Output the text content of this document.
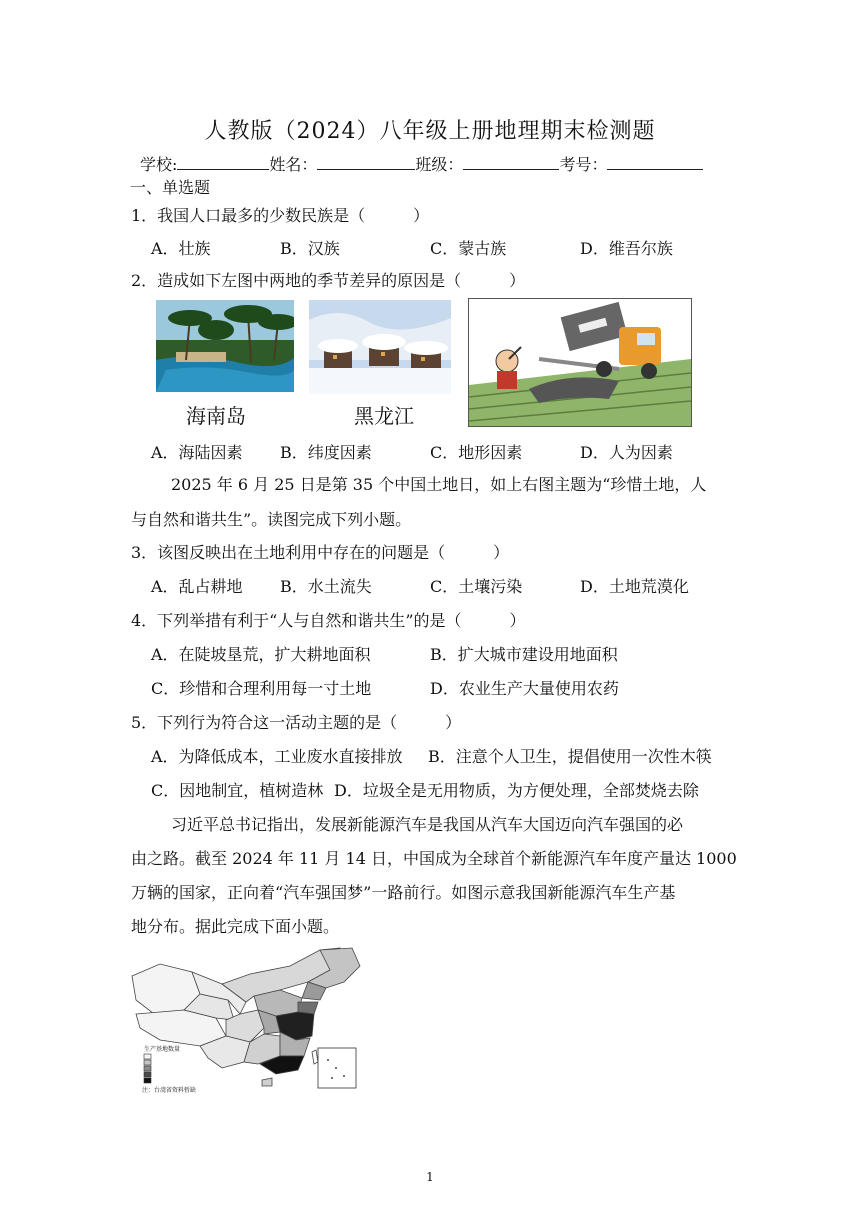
人教版（2024）八年级上册地理期末检测题
学校:	姓名：	班级：	考号：
一、单选题
1．我国人口最多的少数民族是（　　　）
A．壮族	B．汉族	C．蒙古族	D．维吾尔族
2．造成如下左图中两地的季节差异的原因是（　　　）
海南岛	黑龙江
A．海陆因素 B．纬度因素	C．地形因素	D．人为因素
2025 年 6 月 25 日是第 35 个中国土地日，如上右图主题为“珍惜土地，人
与自然和谐共生”。读图完成下列小题。
3．该图反映出在土地利用中存在的问题是（　　　）
A．乱占耕地 B．水土流失	C．土壤污染	D．土地荒漠化
4．下列举措有利于“人与自然和谐共生”的是（　　　）
A．在陡坡垦荒，扩大耕地面积	B．扩大城市建设用地面积
C．珍惜和合理利用每一寸土地	D．农业生产大量使用农药
5．下列行为符合这一活动主题的是（　　　）
A．为降低成本，工业废水直接排放 B．注意个人卫生，提倡使用一次性木筷
C．因地制宜，植树造林 D．垃圾全是无用物质，为方便处理，全部焚烧去除
习近平总书记指出，发展新能源汽车是我国从汽车大国迈向汽车强国的必
由之路。截至 2024 年 11 月 14 日，中国成为全球首个新能源汽车年度产量达 1000
万辆的国家，正向着“汽车强国梦”一路前行。如图示意我国新能源汽车生产基
地分布。据此完成下面小题。
生产基地数量
注：台湾省资料暂缺
1
